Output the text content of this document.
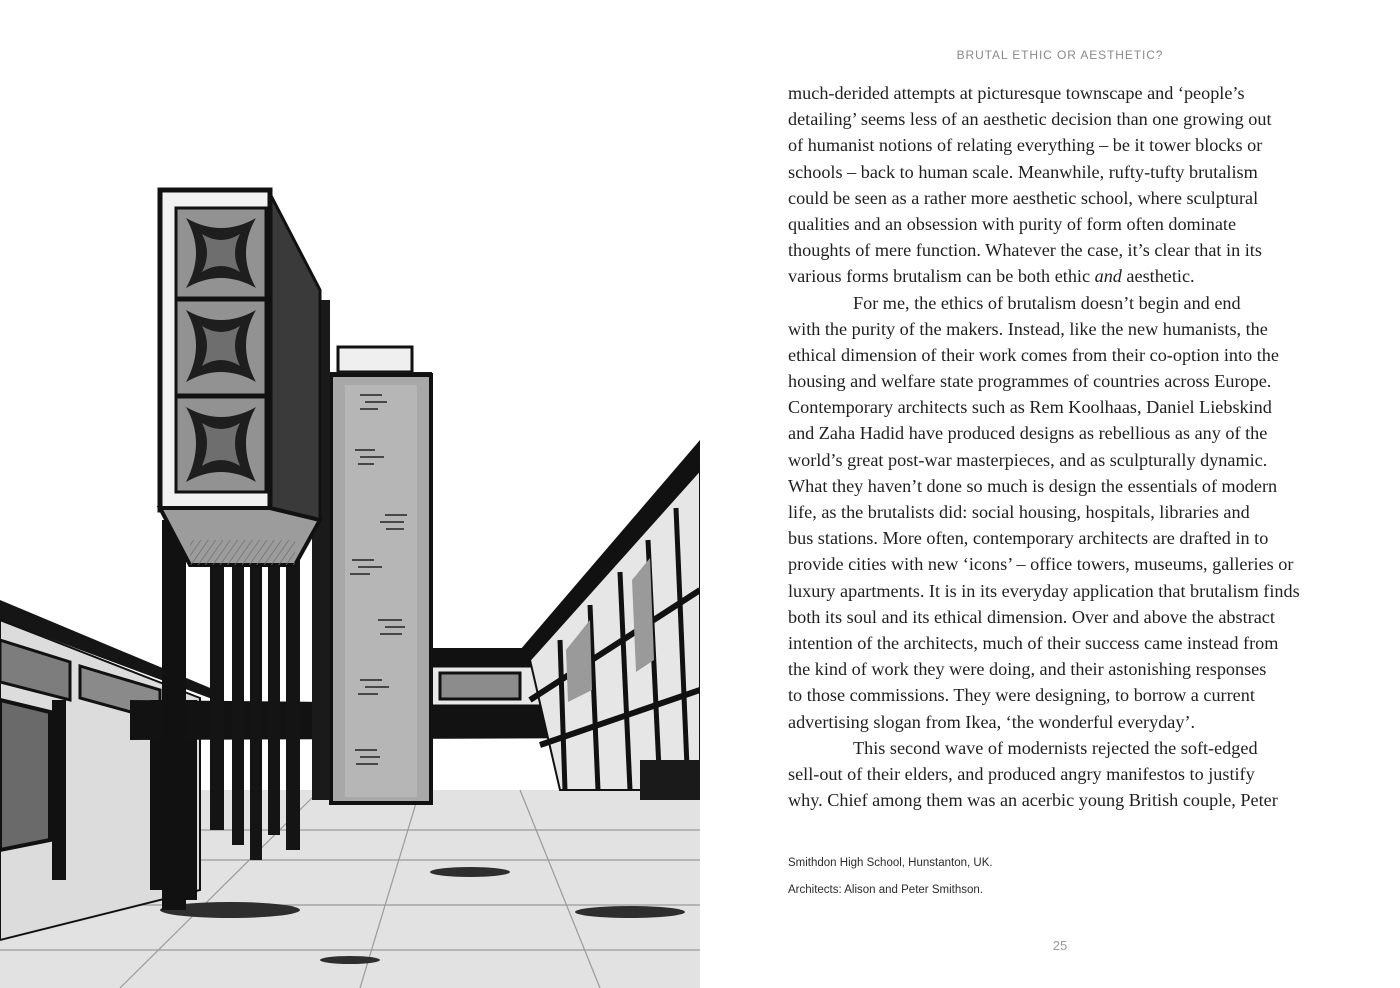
BRUTAL ETHIC OR AESTHETIC?
much-derided attempts at picturesque townscape and ‘people’s
detailing’ seems less of an aesthetic decision than one growing out
of humanist notions of relating everything – be it tower blocks or
schools – back to human scale. Meanwhile, rufty-tufty brutalism
could be seen as a rather more aesthetic school, where sculptural
qualities and an obsession with purity of form often dominate
thoughts of mere function. Whatever the case, it’s clear that in its
various forms brutalism can be both ethic and aesthetic.
For me, the ethics of brutalism doesn’t begin and end
with the purity of the makers. Instead, like the new humanists, the
ethical dimension of their work comes from their co-option into the
housing and welfare state programmes of countries across Europe.
Contemporary architects such as Rem Koolhaas, Daniel Liebskind
and Zaha Hadid have produced designs as rebellious as any of the
world’s great post-war masterpieces, and as sculpturally dynamic.
What they haven’t done so much is design the essentials of modern
life, as the brutalists did: social housing, hospitals, libraries and
bus stations. More often, contemporary architects are drafted in to
provide cities with new ‘icons’ – office towers, museums, galleries or
luxury apartments. It is in its everyday application that brutalism finds
both its soul and its ethical dimension. Over and above the abstract
intention of the architects, much of their success came instead from
the kind of work they were doing, and their astonishing responses
to those commissions. They were designing, to borrow a current
advertising slogan from Ikea, ‘the wonderful everyday’.
This second wave of modernists rejected the soft-edged
sell-out of their elders, and produced angry manifestos to justify
why. Chief among them was an acerbic young British couple, Peter
Smithdon High School, Hunstanton, UK.
Architects: Alison and Peter Smithson.
25
